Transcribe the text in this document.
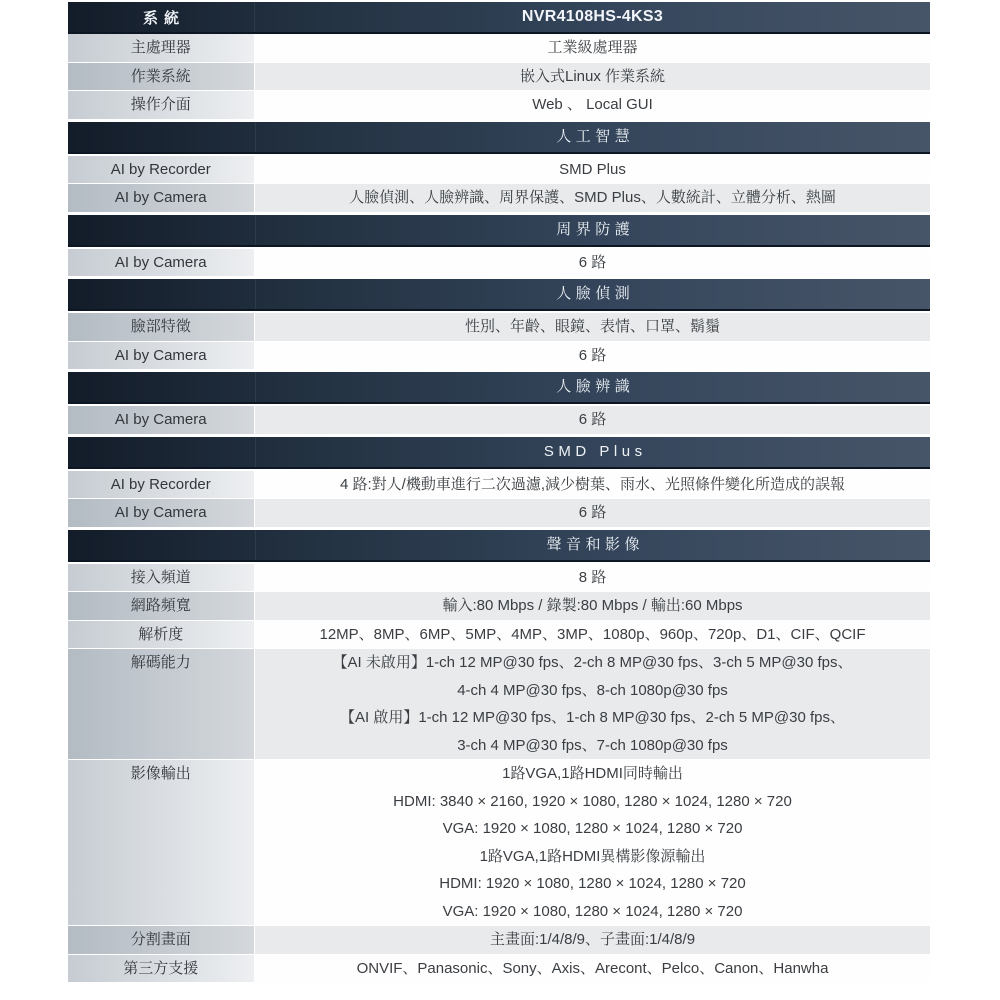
系統	NVR4108HS-4KS3
主處理器	工業級處理器
作業系統	嵌入式Linux 作業系統
操作介面	Web 、 Local GUI
人工智慧
AI by Recorder	SMD Plus
AI by Camera	人臉偵測、人臉辨識、周界保護、SMD Plus、人數統計、立體分析、熱圖
周界防護
AI by Camera	6 路
人臉偵測
臉部特徵	性別、年齡、眼鏡、表情、口罩、鬍鬚
AI by Camera	6 路
人臉辨識
AI by Camera	6 路
SMD Plus
AI by Recorder	4 路:對人/機動車進行二次過濾,減少樹葉、雨水、光照條件變化所造成的誤報
AI by Camera	6 路
聲音和影像
接入頻道	8 路
網路頻寬	輸入:80 Mbps / 錄製:80 Mbps / 輸出:60 Mbps
解析度	12MP、8MP、6MP、5MP、4MP、3MP、1080p、960p、720p、D1、CIF、QCIF
解碼能力	【AI 未啟用】1-ch 12 MP@30 fps、2-ch 8 MP@30 fps、3-ch 5 MP@30 fps、
4-ch 4 MP@30 fps、8-ch 1080p@30 fps
【AI 啟用】1-ch 12 MP@30 fps、1-ch 8 MP@30 fps、2-ch 5 MP@30 fps、
3-ch 4 MP@30 fps、7-ch 1080p@30 fps
影像輸出	1路VGA,1路HDMI同時輸出
HDMI: 3840 × 2160, 1920 × 1080, 1280 × 1024, 1280 × 720
VGA: 1920 × 1080, 1280 × 1024, 1280 × 720
1路VGA,1路HDMI異構影像源輸出
HDMI: 1920 × 1080, 1280 × 1024, 1280 × 720
VGA: 1920 × 1080, 1280 × 1024, 1280 × 720
分割畫面	主畫面:1/4/8/9、子畫面:1/4/8/9
第三方支援	ONVIF、Panasonic、Sony、Axis、Arecont、Pelco、Canon、Hanwha
